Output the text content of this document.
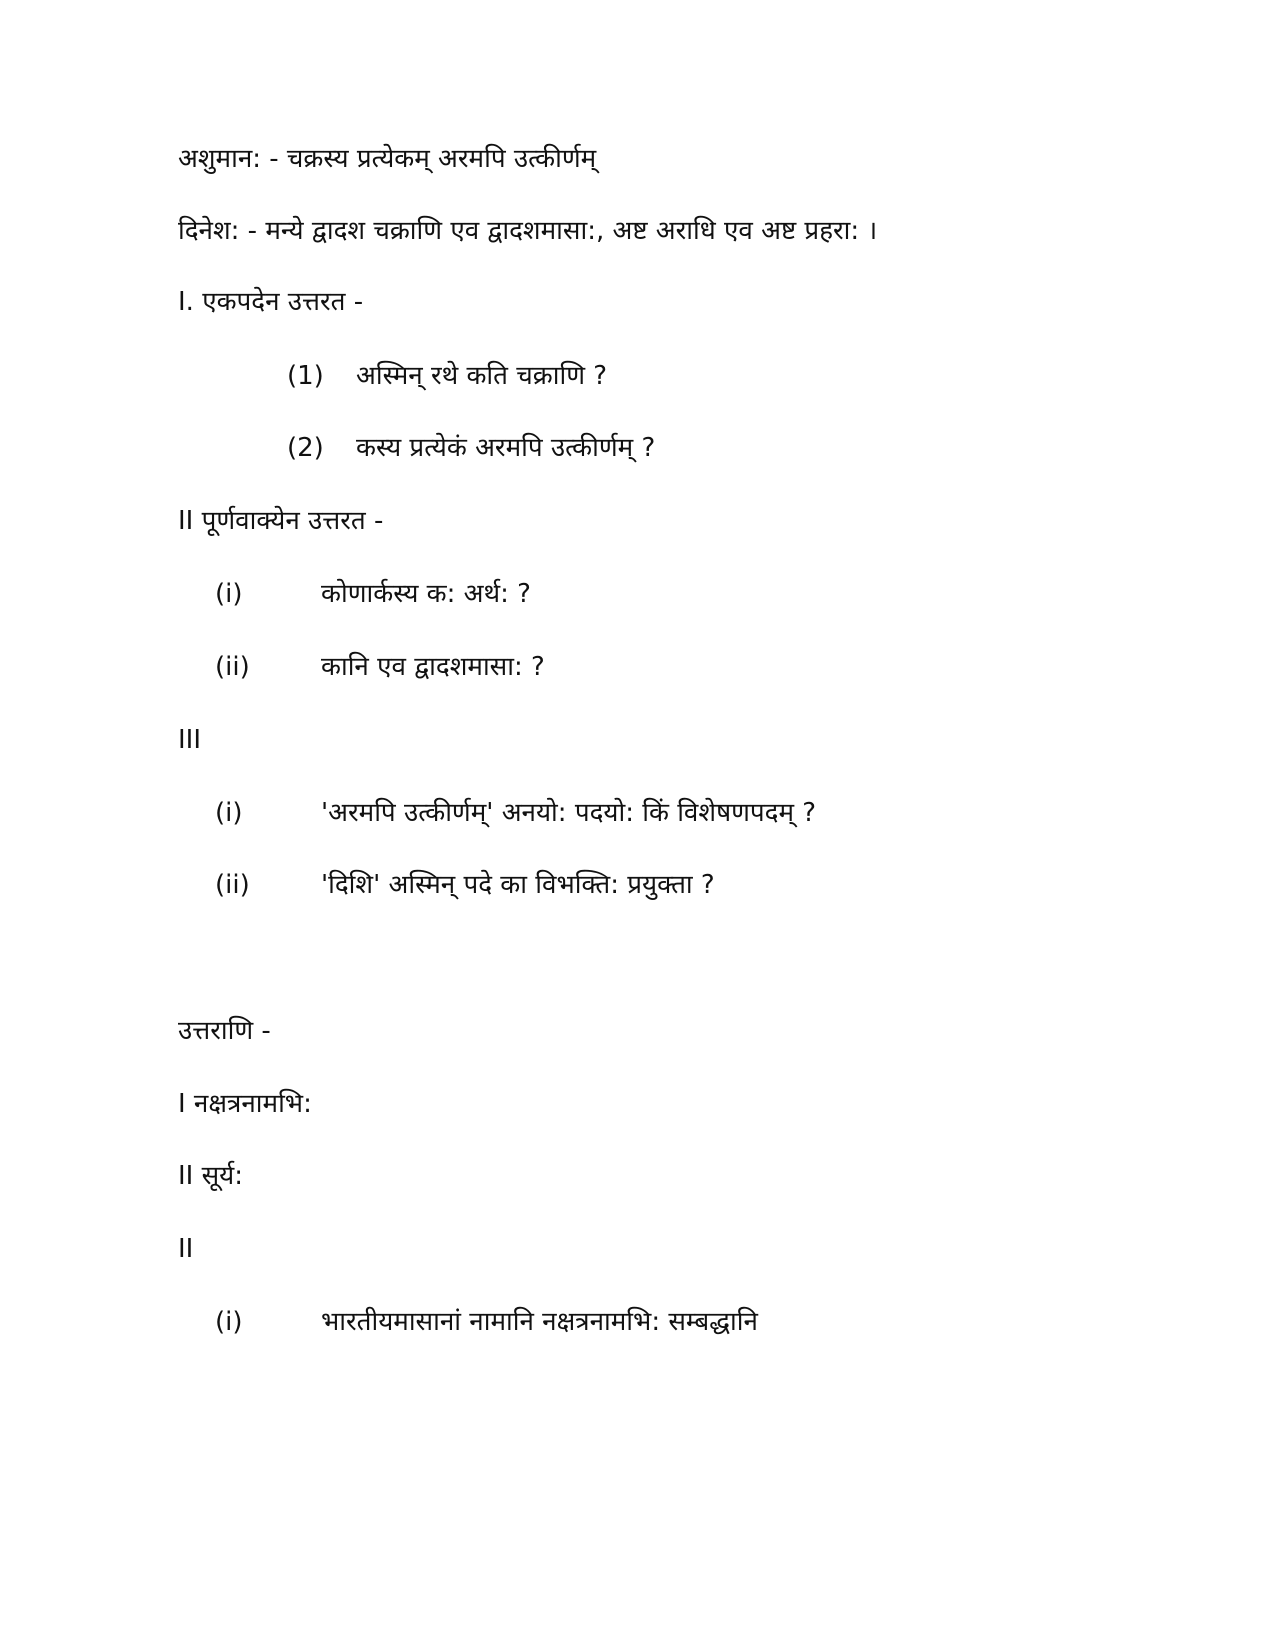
अशुमान: - चक्रस्य प्रत्येकम् अरमपि उत्कीर्णम्
दिनेश: - मन्ये द्वादश चक्राणि एव द्वादशमासा:, अष्ट अराधि एव अष्ट प्रहरा: ।
I. एकपदेन उत्तरत -
(1) अस्मिन् रथे कति चक्राणि ?
(2) कस्य प्रत्येकं अरमपि उत्कीर्णम् ?
II पूर्णवाक्येन उत्तरत -
(i)	कोणार्कस्य क: अर्थ: ?
(ii)	कानि एव द्वादशमासा: ?
III
(i)	'अरमपि उत्कीर्णम्' अनयो: पदयो: किं विशेषणपदम् ?
(ii)	'दिशि' अस्मिन् पदे का विभक्ति: प्रयुक्ता ?
उत्तराणि -
I नक्षत्रनामभि:
II सूर्य:
II
(i)	भारतीयमासानां नामानि नक्षत्रनामभि: सम्बद्धानि
